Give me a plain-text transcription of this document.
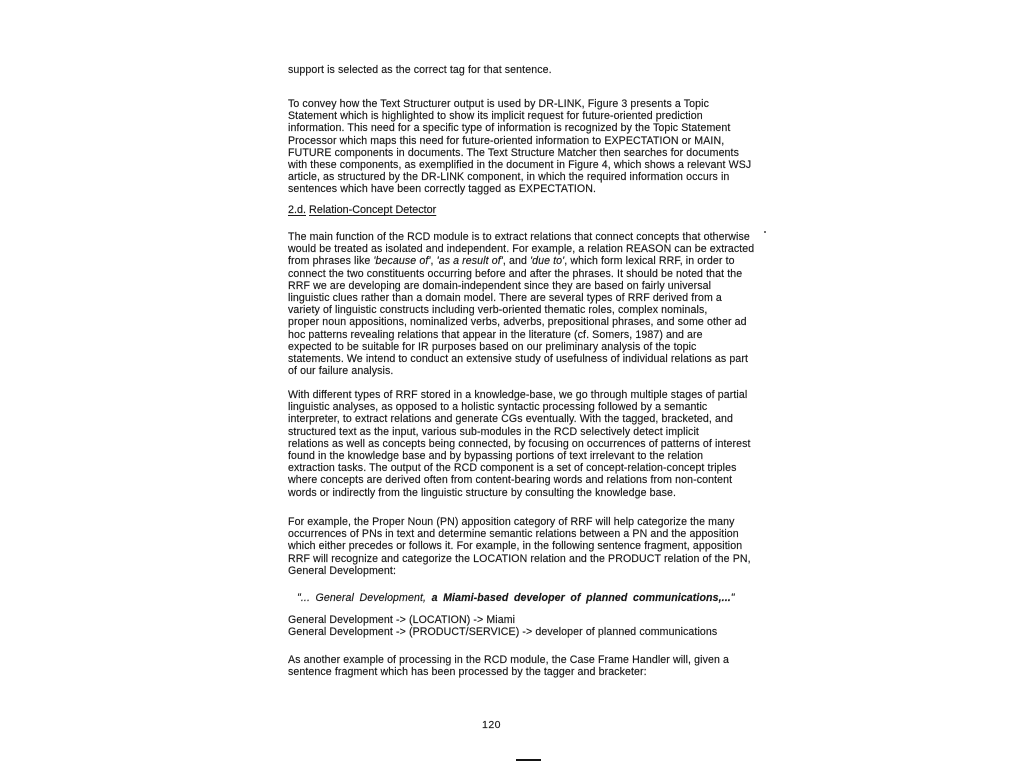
support is selected as the correct tag for that sentence.
To convey how the Text Structurer output is used by DR-LINK, Figure 3 presents a Topic
Statement which is highlighted to show its implicit request for future-oriented prediction
information. This need for a specific type of information is recognized by the Topic Statement
Processor which maps this need for future-oriented information to EXPECTATION or MAIN,
FUTURE components in documents. The Text Structure Matcher then searches for documents
with these components, as exemplified in the document in Figure 4, which shows a relevant WSJ
article, as structured by the DR-LINK component, in which the required information occurs in
sentences which have been correctly tagged as EXPECTATION.
2.d. Relation-Concept Detector
The main function of the RCD module is to extract relations that connect concepts that otherwise
would be treated as isolated and independent. For example, a relation REASON can be extracted
from phrases like 'because of', 'as a result of', and 'due to', which form lexical RRF, in order to
connect the two constituents occurring before and after the phrases. It should be noted that the
RRF we are developing are domain-independent since they are based on fairly universal
linguistic clues rather than a domain model. There are several types of RRF derived from a
variety of linguistic constructs including verb-oriented thematic roles, complex nominals,
proper noun appositions, nominalized verbs, adverbs, prepositional phrases, and some other ad
hoc patterns revealing relations that appear in the literature (cf. Somers, 1987) and are
expected to be suitable for IR purposes based on our preliminary analysis of the topic
statements. We intend to conduct an extensive study of usefulness of individual relations as part
of our failure analysis.
With different types of RRF stored in a knowledge-base, we go through multiple stages of partial
linguistic analyses, as opposed to a holistic syntactic processing followed by a semantic
interpreter, to extract relations and generate CGs eventually. With the tagged, bracketed, and
structured text as the input, various sub-modules in the RCD selectively detect implicit
relations as well as concepts being connected, by focusing on occurrences of patterns of interest
found in the knowledge base and by bypassing portions of text irrelevant to the relation
extraction tasks. The output of the RCD component is a set of concept-relation-concept triples
where concepts are derived often from content-bearing words and relations from non-content
words or indirectly from the linguistic structure by consulting the knowledge base.
For example, the Proper Noun (PN) apposition category of RRF will help categorize the many
occurrences of PNs in text and determine semantic relations between a PN and the apposition
which either precedes or follows it. For example, in the following sentence fragment, apposition
RRF will recognize and categorize the LOCATION relation and the PRODUCT relation of the PN,
General Development:
"... General Development, a Miami-based developer of planned communications,..."
General Development -> (LOCATION) -> Miami
General Development -> (PRODUCT/SERVICE) -> developer of planned communications
As another example of processing in the RCD module, the Case Frame Handler will, given a
sentence fragment which has been processed by the tagger and bracketer:
120
